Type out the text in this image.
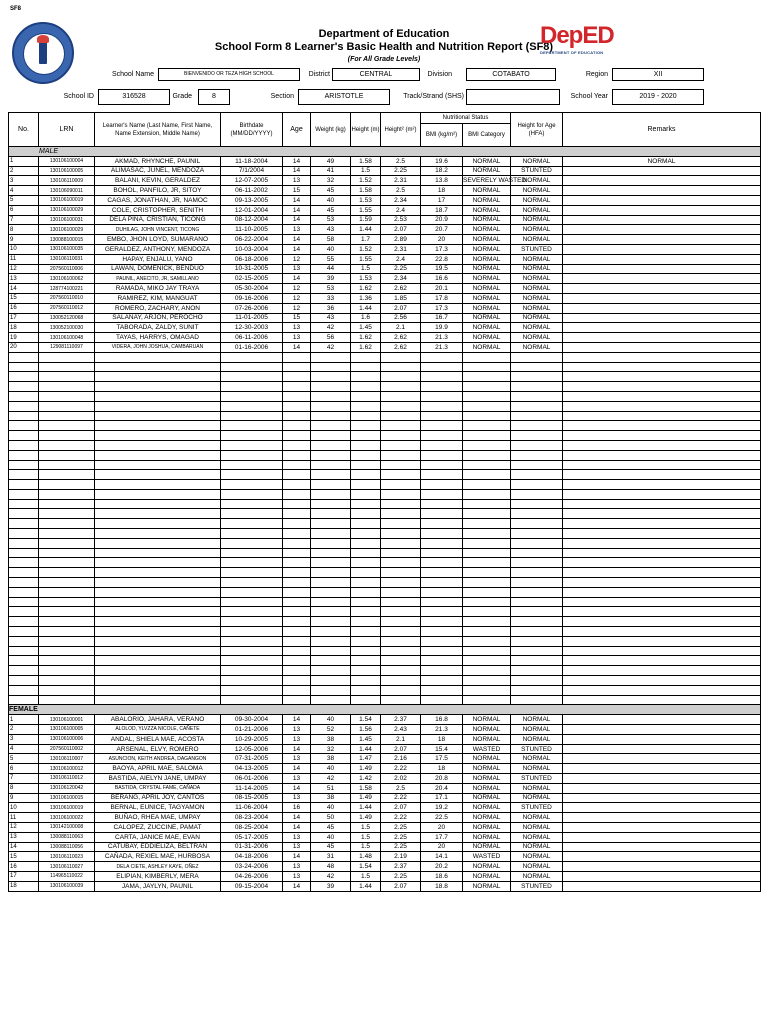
SF8
Department of Education
School Form 8 Learner's Basic Health and Nutrition Report (SF8)
(For All Grade Levels)
DepED
DEPARTMENT OF EDUCATION
School Name	BIENVENIDO OR TEZA HIGH SCHOOL	District	CENTRAL	Division	COTABATO	Region	XII
School ID	316528	Grade	8	Section	ARISTOTLE	Track/Strand (SHS)	School Year	2019 - 2020
No.	LRN	Learner's Name (Last Name, First Name, Name Extension, Middle Name)	Birthdate (MM/DD/YYYY)	Age	Weight (kg)	Height (m)	Height² (m²)	Nutritional Status		Height for Age (HFA)	Remarks
								BMI (kg/m²)	BMI Category		
MALE											
1	130106100004	AKMAD, RHYNCHE, PAUNIL	11-18-2004	14	49	1.58	2.5	19.6	NORMAL	NORMAL	NORMAL
2	130106100005	ALIMASAC, JUNEL, MENDOZA	7/1/2004	14	41	1.5	2.25	18.2	NORMAL	STUNTED	
3	130106110009	BALANI, KEVIN, GERALDEZ	12-07-2005	13	32	1.52	2.31	13.8	SEVERELY WASTED	NORMAL	
4	130106090011	BOHOL, PANFILO, JR, SITOY	06-11-2002	15	45	1.58	2.5	18	NORMAL	NORMAL	
5	130106100019	CAGAS, JONATHAN, JR, NAMOC	09-13-2005	14	40	1.53	2.34	17	NORMAL	NORMAL	
6	130106100029	COLE, CRISTOPHER, SENITH	12-01-2004	14	45	1.55	2.4	18.7	NORMAL	NORMAL	
7	130106100031	DELA PIÑA, CRISTIAN, TICONG	08-12-2004	14	53	1.59	2.53	20.9	NORMAL	NORMAL	
8	130106100029	DUHILAG, JOHN VINCENT, TICONG	11-10-2005	13	43	1.44	2.07	20.7	NORMAL	NORMAL	
9	130088100015	EMBO, JHON LOYD, SUMARANO	06-22-2004	14	58	1.7	2.89	20	NORMAL	NORMAL	
10	130106100035	GERALDEZ, ANTHONY, MENDOZA	10-03-2004	14	40	1.52	2.31	17.3	NORMAL	STUNTED	
11	130106110031	HAPAY, ENJALU, YANO	06-18-2006	12	55	1.55	2.4	22.8	NORMAL	NORMAL	
12	207560110006	LAWAN, DOMENICK, BENDUO	10-31-2005	13	44	1.5	2.25	19.5	NORMAL	NORMAL	
13	130106100062	PAUNIL, ANECITO, JR, SAMILLANO	02-15-2005	14	39	1.53	2.34	16.6	NORMAL	NORMAL	
14	128774100221	RAMADA, MIKO JAY TRAYA	05-30-2004	12	53	1.62	2.62	20.1	NORMAL	NORMAL	
15	207560110010	RAMIREZ, KIM, MANGUAT	09-16-2006	12	33	1.36	1.85	17.8	NORMAL	NORMAL	
16	207560110012	ROMERO, ZACHARY, ANON	07-26-2006	12	36	1.44	2.07	17.3	NORMAL	NORMAL	
17	130052120068	SALANAY, ARJON, PEROCHO	11-01-2005	15	43	1.6	2.56	16.7	NORMAL	NORMAL	
18	130052100030	TABORADA, ZALDY, SUNIT	12-30-2003	13	42	1.45	2.1	19.9	NORMAL	NORMAL	
19	130106100048	TAYAS, HARRYS, OMAGAD	06-11-2006	13	56	1.62	2.62	21.3	NORMAL	NORMAL	
20	129081110097	VIDERA, JOHN JOSHUA, CAMBARUAN	01-16-2006	14	42	1.62	2.62	21.3	NORMAL	NORMAL	

FEMALE											
1	130106100001	ABALORIO, JAHARA, VERANO	09-30-2004	14	40	1.54	2.37	16.8	NORMAL	NORMAL	
2	130106100005	ALOLOD, YLVZZA NICOLE, CAÑETE	01-21-2006	13	52	1.56	2.43	21.3	NORMAL	NORMAL	
3	130106100006	ANDAL, SHIELA MAE, ACOSTA	10-29-2005	13	38	1.45	2.1	18	NORMAL	NORMAL	
4	207560110002	ARSENAL, ELVY, ROMERO	12-05-2006	14	32	1.44	2.07	15.4	WASTED	STUNTED	
5	130106110007	ASUNCION, KEITH ANDREA, DAGANGON	07-31-2005	13	38	1.47	2.16	17.5	NORMAL	NORMAL	
6	130106100012	BAOYA, APRIL MAE, SALOMA	04-13-2005	14	40	1.49	2.22	18	NORMAL	NORMAL	
7	130106110012	BASTIDA, AIELYN JANE, UMPAY	06-01-2006	13	42	1.42	2.02	20.8	NORMAL	STUNTED	
8	130106120042	BASTIDA, CRYSTAL FAME, CAÑADA	11-14-2005	14	51	1.58	2.5	20.4	NORMAL	NORMAL	
9	130106100015	BERANG, APRIL JOY, CANTOS	08-15-2005	13	38	1.49	2.22	17.1	NORMAL	NORMAL	
10	130106100019	BERNAL, EUNICE, TAGYAMON	11-06-2004	16	40	1.44	2.07	19.2	NORMAL	STUNTED	
11	130106100022	BUÑAO, RHEA MAE, UMPAY	08-23-2004	14	50	1.49	2.22	22.5	NORMAL	NORMAL	
12	130142100008	CALOPEZ, ZUCCINE, PAMAT	08-25-2004	14	45	1.5	2.25	20	NORMAL	NORMAL	
13	130088110063	CARTA, JANICE MAE, EVAN	05-17-2005	13	40	1.5	2.25	17.7	NORMAL	NORMAL	
14	130088110056	CATUBAY, EDDIELIZA, BELTRAN	01-31-2006	13	45	1.5	2.25	20	NORMAL	NORMAL	
15	130106110023	CAÑADA, REXIEL MAE, HURBOSA	04-18-2006	14	31	1.48	2.19	14.1	WASTED	NORMAL	
16	130106110027	DELA CIETE, ASHLEY KAYE, OÑEZ	03-24-2006	13	48	1.54	2.37	20.2	NORMAL	NORMAL	
17	114965110022	ELIPIAN, KIMBERLY, MERA	04-26-2006	13	42	1.5	2.25	18.6	NORMAL	NORMAL	
18	130106100039	JAMA, JAYLYN, PAUNIL	09-15-2004	14	39	1.44	2.07	18.8	NORMAL	STUNTED	
